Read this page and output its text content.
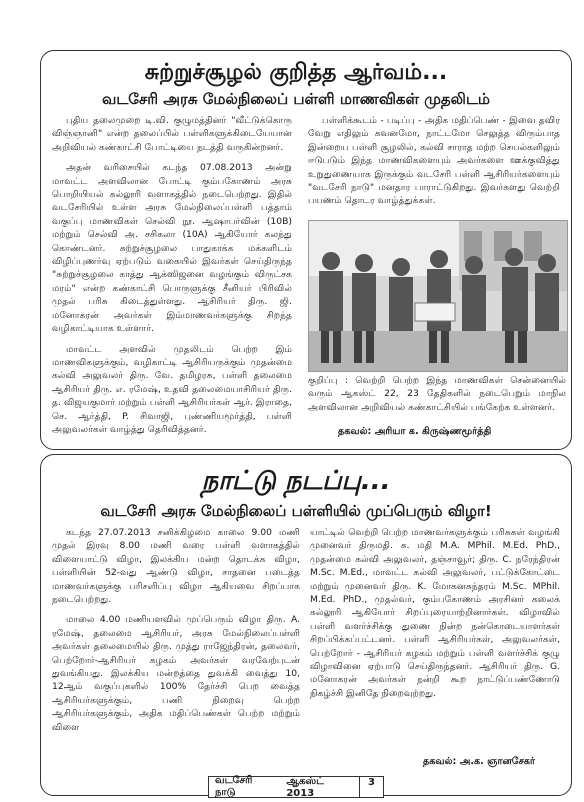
சுற்றுச்சூழல் குறித்த ஆர்வம்...
வடசேரி அரசு மேல்நிலைப் பள்ளி மாணவிகள் முதலிடம்

புதிய தலைமுறை டி.வி. குழுமத்தினர் "வீட்டுக்கொரு விஞ்ஞானி" என்ற தலைப்பில் பள்ளிகளுக்கிடையேயான அறிவியல் கண்காட்சி போட்டியை நடத்தி வருகின்றனர்.

அதன் வரிசையில் கடந்த 07.08.2013 அன்று மாவட்ட அளவிலான போட்டி கும்பகோணம் அரசு பொறியியல் கல்லூரி வளாகத்தில் நடைபெற்றது. இதில் வடசேரியில் உள்ள அரசு மேல்நிலைப்பள்ளி பத்தாம் வகுப்பு மாணவிகள் செல்வி நூ. ஆஷாபர்வின் (10B) மற்றும் செல்வி அ. சசிகலா (10A) ஆகியோர் கலந்து கொண்டனர். சுற்றுச்சூழலை பாதுகாக்க மக்களிடம் விழிப்புணர்வு ஏற்படும் வகையில் இவர்கள் செய்திருந்த "சுற்றுச்சூழலை காத்து ஆக்ஸிஜனை வழங்கும் விருட்சக மரம்" என்ற கண்காட்சி பொருளுக்கு சீனியர் பிரிவில் முதல் பரிசு கிடைத்துள்ளது. ஆசிரியர் திரு. ஜி. மனோகரன் அவர்கள் இம்மாணவர்களுக்கு சிறந்த வழிகாட்டியாக உள்ளார்.

மாவட்ட அளவில் முதலிடம் பெற்ற இம் மாணவிகளுக்கும், வழிகாட்டி ஆசிரியருக்கும் முதன்மை கல்வி அலுவலர் திரு. வே. தமிழரசு, பள்ளி தலைமை ஆசிரியர் திரு. எ. ரமேஷ், உதவி தலைமையாசிரியர் திரு. த. விஜயகுமார் மற்றும் பள்ளி ஆசிரியர்கள் ஆர். இராதை, செ. ஆர்த்தி, P. சிவாஜி, புண்ணியமூர்த்தி, பள்ளி அலுவலர்கள் வாழ்த்து தெரிவித்தனர்.

பள்ளிக்கூடம் - படிப்பு - அதிக மதிப்பெண் - இவை தவிர வேறு எதிலும் கவனமோ, நாட்டமோ செலுத்த விரும்பாத இன்றைய பள்ளி சூழலில், கல்வி சாராத மற்ற செயல்களிலும் ஈடுபடும் இந்த மாணவிகளையும் அவர்களை ஊக்குவித்து உறுதுணையாக இருக்கும் வடசேரி பள்ளி ஆசிரியர்களையும் "வடசேரி நாடு" மனதார பாராட்டுகிறது. இவர்களது வெற்றி பயணம் தொடர வாழ்த்துக்கள்.

குறிப்பு : வெற்றி பெற்ற இந்த மாணவிகள் சென்னையில் வரும் ஆகஸ்ட் 22, 23 தேதிகளில் நடைபெறும் மாநில அளவிலான அறிவியல் கண்காட்சியில் பங்கேற்க உள்ளனர்.
தகவல்: அரியா க. கிருஷ்ணமூர்த்தி
நாட்டு நடப்பு...
வடசேரி அரசு மேல்நிலைப் பள்ளியில் முப்பெரும் விழா!

கடந்த 27.07.2013 சனிக்கிழமை காலை 9.00 மணி முதல் இரவு 8.00 மணி வரை பள்ளி வளாகத்தில் விளையாட்டு விழா, இலக்கிய மன்ற தொடக்க விழா, பள்ளியின் 52-வது ஆண்டு விழா, சாதனை படைத்த மாணவர்களுக்கு பரிசளிப்பு விழா ஆகியவை சிறப்பாக நடைபெற்றது.

மாலை 4.00 மணியளவில் முப்பெரும் விழா திரு. A. ரமேஷ், தலைமை ஆசிரியர், அரசு மேல்நிலைப்பள்ளி அவர்கள் தலைமையில் திரு. முத்து ராஜேந்திரன், தலைவர், பெற்றோர்-ஆசிரியர் கழகம் அவர்கள் வரவேற்புடன் துவங்கியது. இலக்கிய மன்றத்தை துவக்கி வைத்து 10, 12ஆம் வகுப்புகளில் 100% தேர்ச்சி பெற வைத்த ஆசிரியர்களுக்கும், பணி நிறைவு பெற்ற ஆசிரியர்களுக்கும், அதிக மதிப்பெண்கள் பெற்ற மற்றும் விளை

யாட்டில் வெற்றி பெற்ற மாணவர்களுக்கும் பரிசுகள் வழங்கி முனைவர் திருமதி. க. மதி M.A. MPhil. M.Ed. PhD., முதன்மை கல்வி அலுவலர், தஞ்சாவூர்; திரு. C. நரேந்திரன் M.Sc. M.Ed., மாவட்ட கல்வி அலுவலர், பட்டுக்கோட்டை மற்றும் முனைவர் திரு. K. மோகனசுந்தரம் M.Sc. MPhil. M.Ed. PhD., முதல்வர், கும்பகோணம் அரசினர் கலைக் கல்லூரி ஆகியோர் சிறப்புரையாற்றினார்கள். விழாவில் பள்ளி வளர்ச்சிக்கு துணை நின்ற நன்கொடையாளர்கள் சிறப்பிக்கப்பட்டனர். பள்ளி ஆசிரியர்கள், அலுவலர்கள், பெற்றோர் - ஆசிரியர் கழகம் மற்றும் பள்ளி வளர்ச்சிக் குழு விழாவினை ஏற்பாடு செய்திருந்தனர். ஆசிரியர் திரு. G. மனோகரன் அவர்கள் நன்றி கூற நாட்டுப்பண்ணோடு நிகழ்ச்சி இனிதே நிறைவுற்றது.

தகவல்: அ.க. ஞானசேகர்
வடசேரி நாடு
ஆகஸ்ட் 2013
3
